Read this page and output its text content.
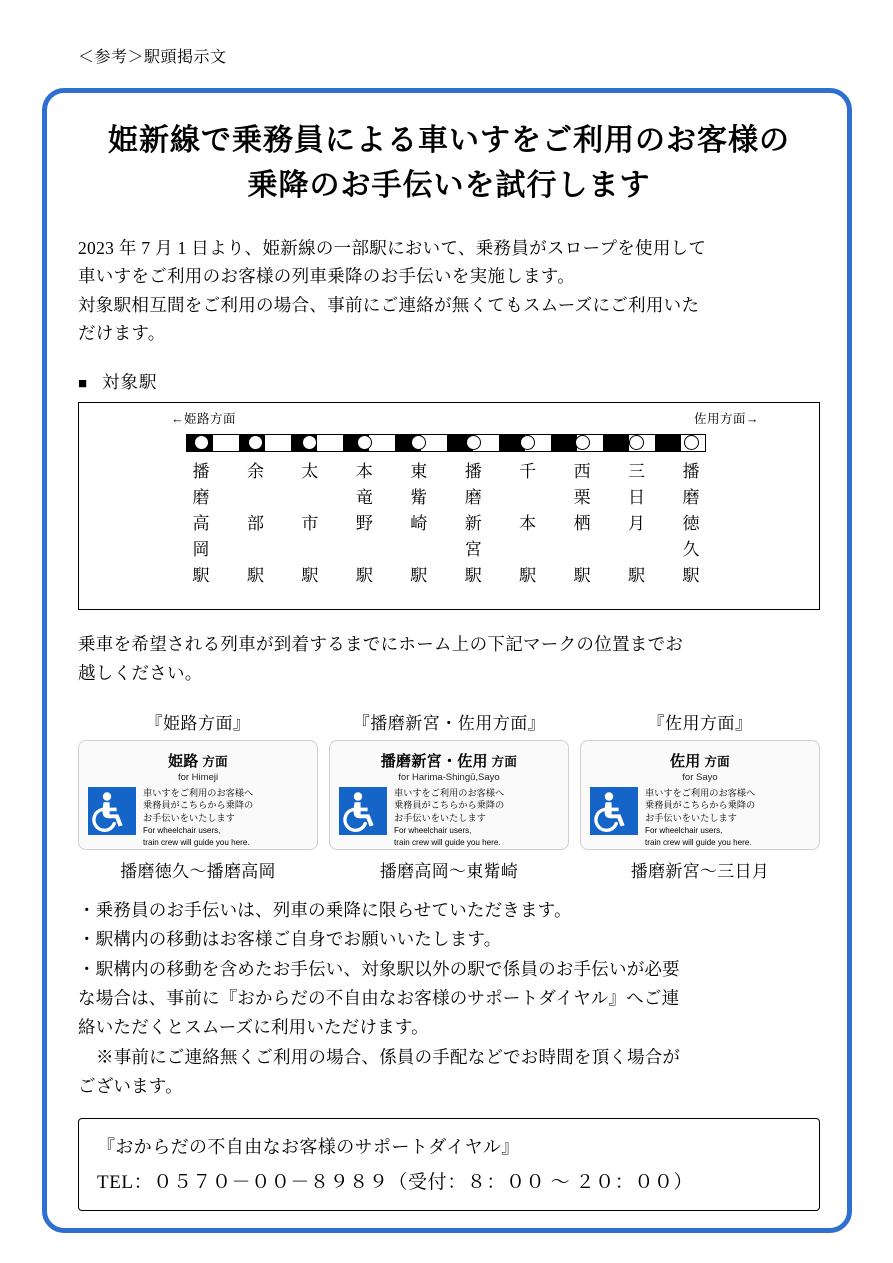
＜参考＞駅頭掲示文
姫新線で乗務員による車いすをご利用のお客様の
乗降のお手伝いを試行します
2023 年 7 月 1 日より、姫新線の一部駅において、乗務員がスロープを使用して
車いすをご利用のお客様の列車乗降のお手伝いを実施します。
対象駅相互間をご利用の場合、事前にご連絡が無くてもスムーズにご利用いた
だけます。
■ 対象駅
←姫路方面	佐用方面→
播
磨
高
岡
駅
余
部
駅
太
市
駅
本
竜
野
駅
東
觜
崎
駅
播
磨
新
宮
駅
千
本
駅
西
栗
栖
駅
三
日
月
駅
播
磨
徳
久
駅
乗車を希望される列車が到着するまでにホーム上の下記マークの位置までお
越しください。
『姫路方面』	『播磨新宮・佐用方面』	『佐用方面』
姫路 方面
for Himeji
車いすをご利用のお客様へ
乗務員がこちらから乗降の
お手伝いをいたします
For wheelchair users,
train crew will guide you here.
播磨新宮・佐用 方面
for Harima-Shingū,Sayo
車いすをご利用のお客様へ
乗務員がこちらから乗降の
お手伝いをいたします
For wheelchair users,
train crew will guide you here.
佐用 方面
for Sayo
車いすをご利用のお客様へ
乗務員がこちらから乗降の
お手伝いをいたします
For wheelchair users,
train crew will guide you here.
播磨徳久～播磨高岡	播磨高岡～東觜崎	播磨新宮～三日月
・乗務員のお手伝いは、列車の乗降に限らせていただきます。
・駅構内の移動はお客様ご自身でお願いいたします。
・駅構内の移動を含めたお手伝い、対象駅以外の駅で係員のお手伝いが必要
な場合は、事前に『おからだの不自由なお客様のサポートダイヤル』へご連
絡いただくとスムーズに利用いただけます。
※事前にご連絡無くご利用の場合、係員の手配などでお時間を頂く場合が
ございます。
『おからだの不自由なお客様のサポートダイヤル』
TEL：０５７０－００－８９８９（受付：８：００ ～ ２０：００）
